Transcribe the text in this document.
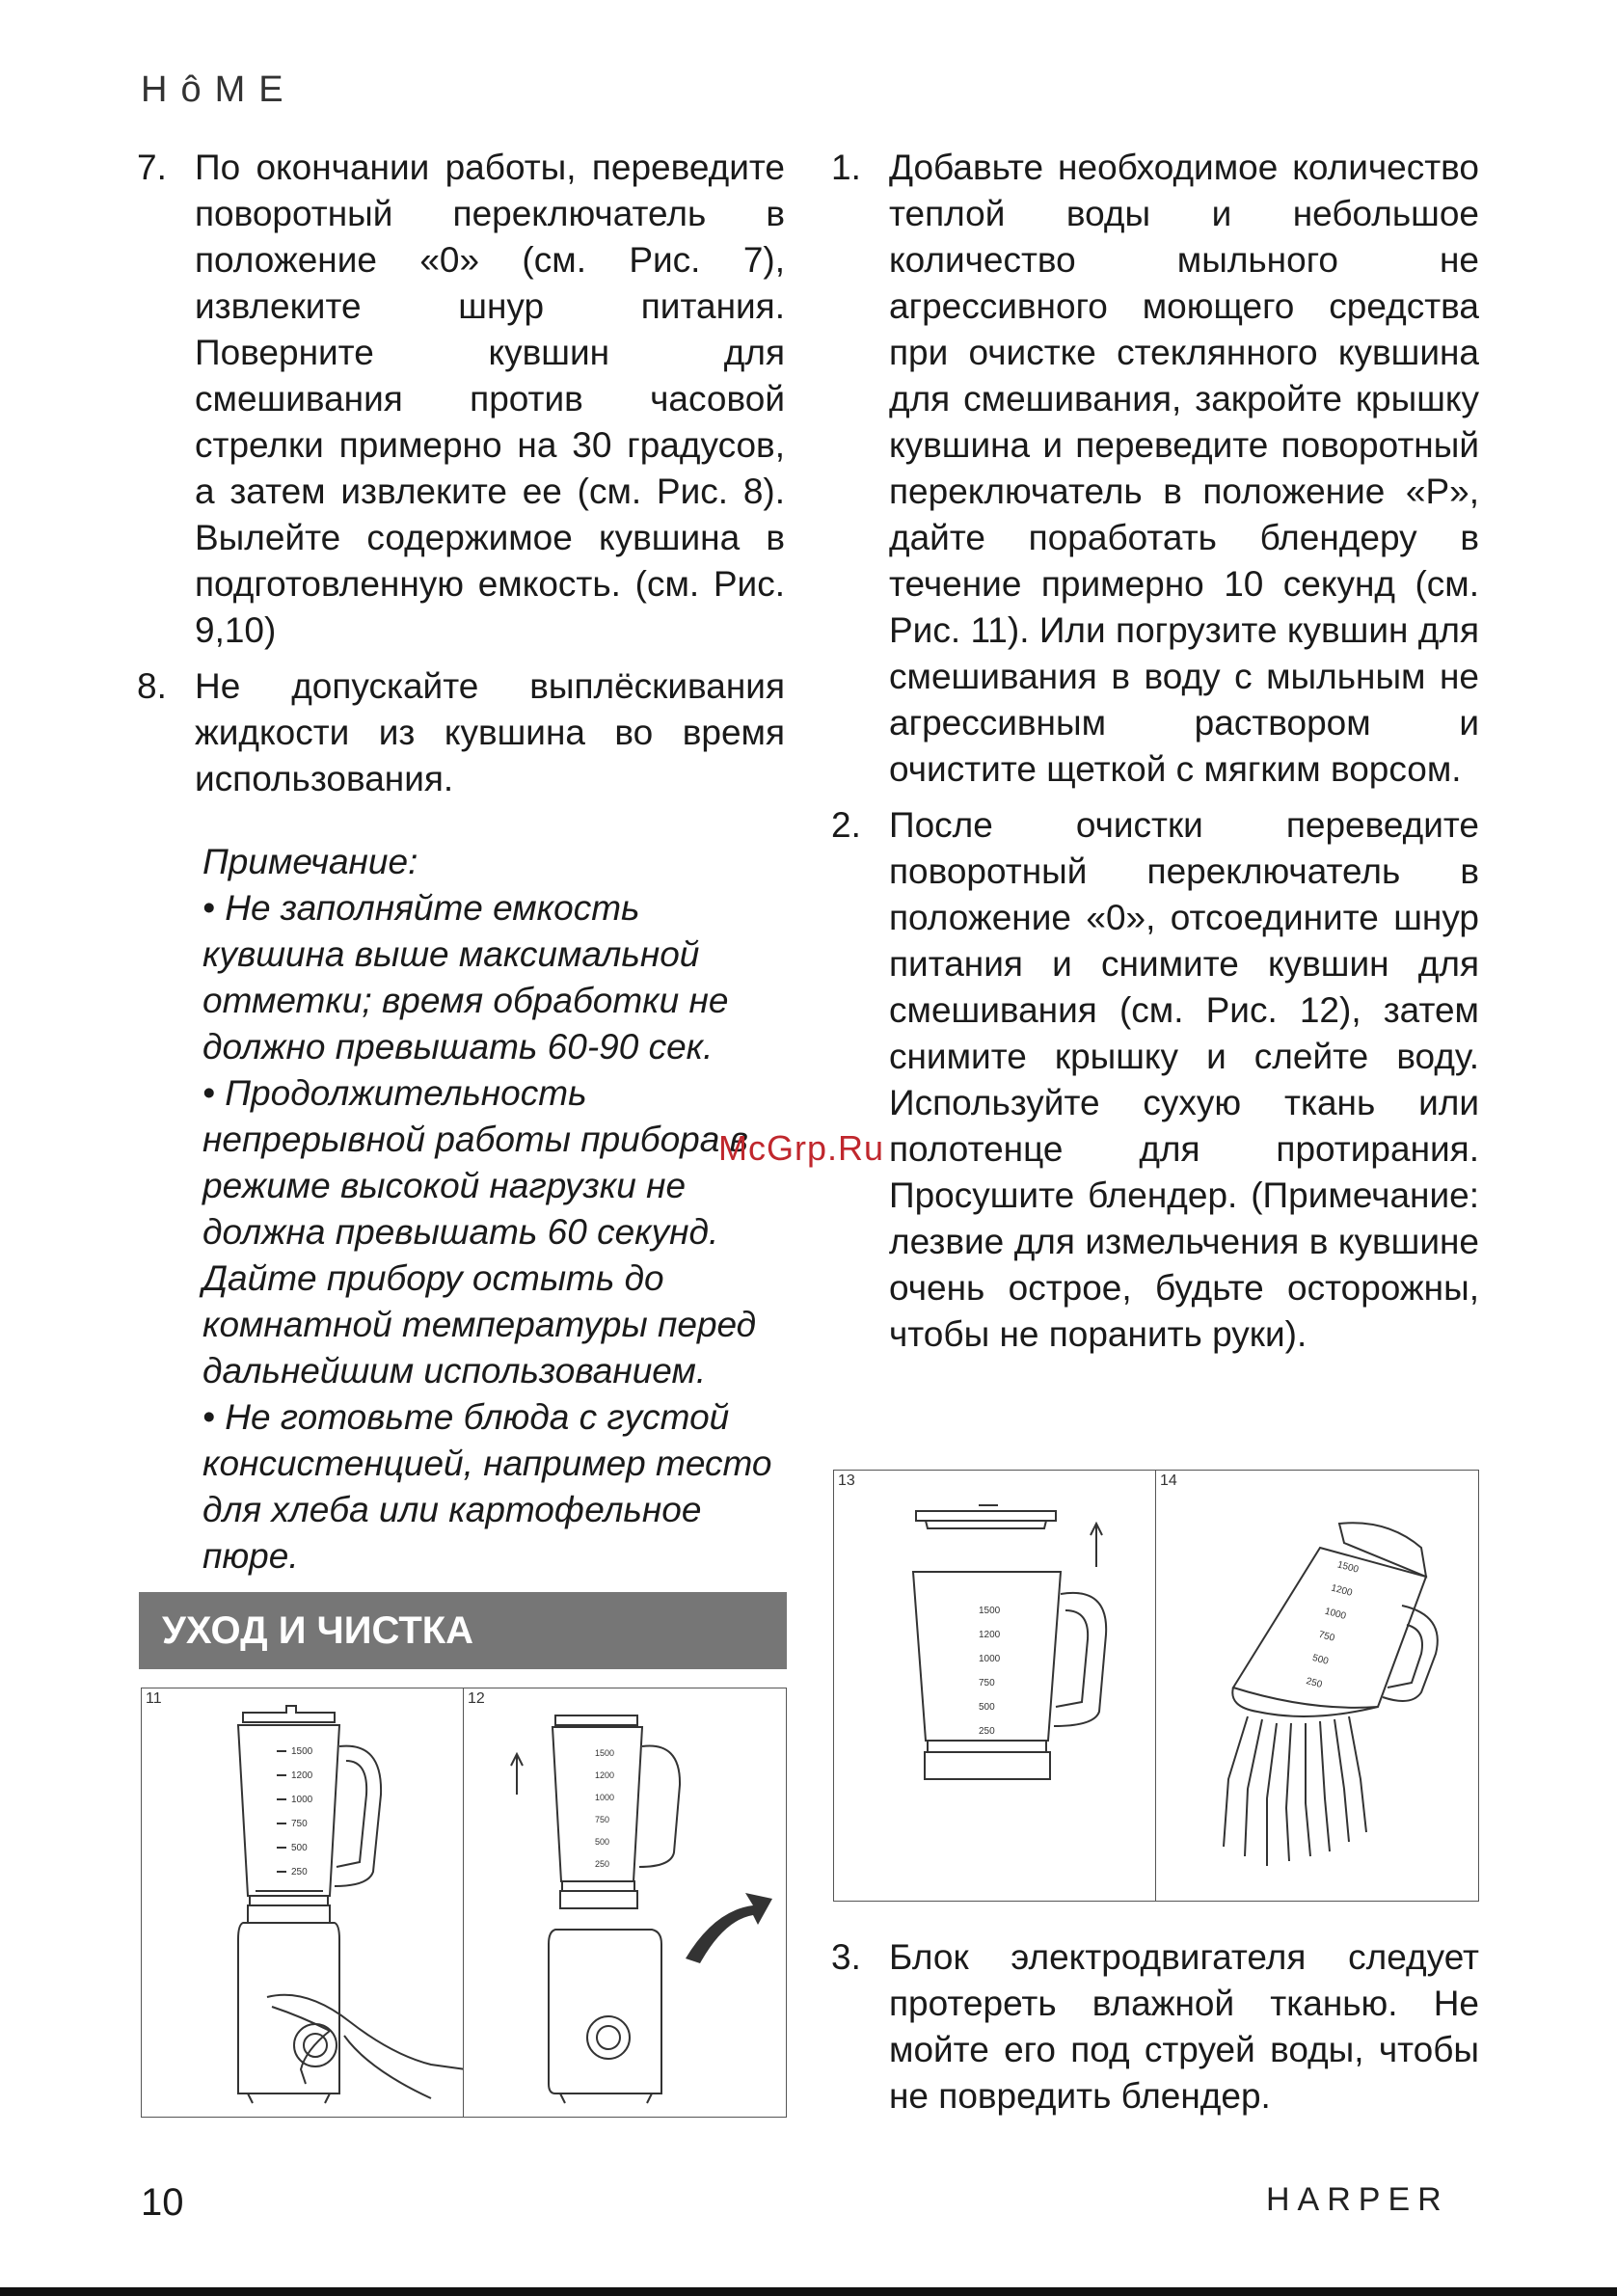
HôME
7. По окончании работы, переведите поворотный переключатель в положение «0» (см. Рис. 7), извлеките шнур питания. Поверните кувшин для смешивания против часовой стрелки примерно на 30 градусов, а затем извлеките ее (см. Рис. 8). Вылейте содержимое кувшина в подготовленную емкость. (см. Рис. 9,10)
8. Не допускайте выплёскивания жидкости из кувшина во время использования.
Примечание:
• Не заполняйте емкость кувшина выше максимальной отметки; время обработки не должно превышать 60-90 сек.
• Продолжительность непрерывной работы прибора в режиме высокой нагрузки не должна превышать 60 секунд. Дайте прибору остыть до комнатной температуры перед дальнейшим использованием.
• Не готовьте блюда с густой консистенцией, например тесто для хлеба или картофельное пюре.
УХОД И ЧИСТКА
11
1500
1200
1000
750
500
250
12
1500
1200
1000
750
500
250
1. Добавьте необходимое количество теплой воды и небольшое количество мыльного не агрессивного моющего средства при очистке стеклянного кувшина для смешивания, закройте крышку кувшина и переведите поворотный переключатель в положение «P», дайте поработать блендеру в течение примерно 10 секунд (см. Рис. 11). Или погрузите кувшин для смешивания в воду с мыльным не агрессивным раствором и очистите щеткой с мягким ворсом.
2. После очистки переведите поворотный переключатель в положение «0», отсоедините шнур питания и снимите кувшин для смешивания (см. Рис. 12), затем снимите крышку и слейте воду. Используйте сухую ткань или полотенце для протирания. Просушите блендер. (Примечание: лезвие для измельчения в кувшине очень острое, будьте осторожны, чтобы не поранить руки).
13
1500
1200
1000
750
500
250
14
1500
1200
1000
750
500
250
3. Блок электродвигателя следует протереть влажной тканью. Не мойте его под струей воды, чтобы не повредить блендер.
McGrp.Ru
10	HARPER
